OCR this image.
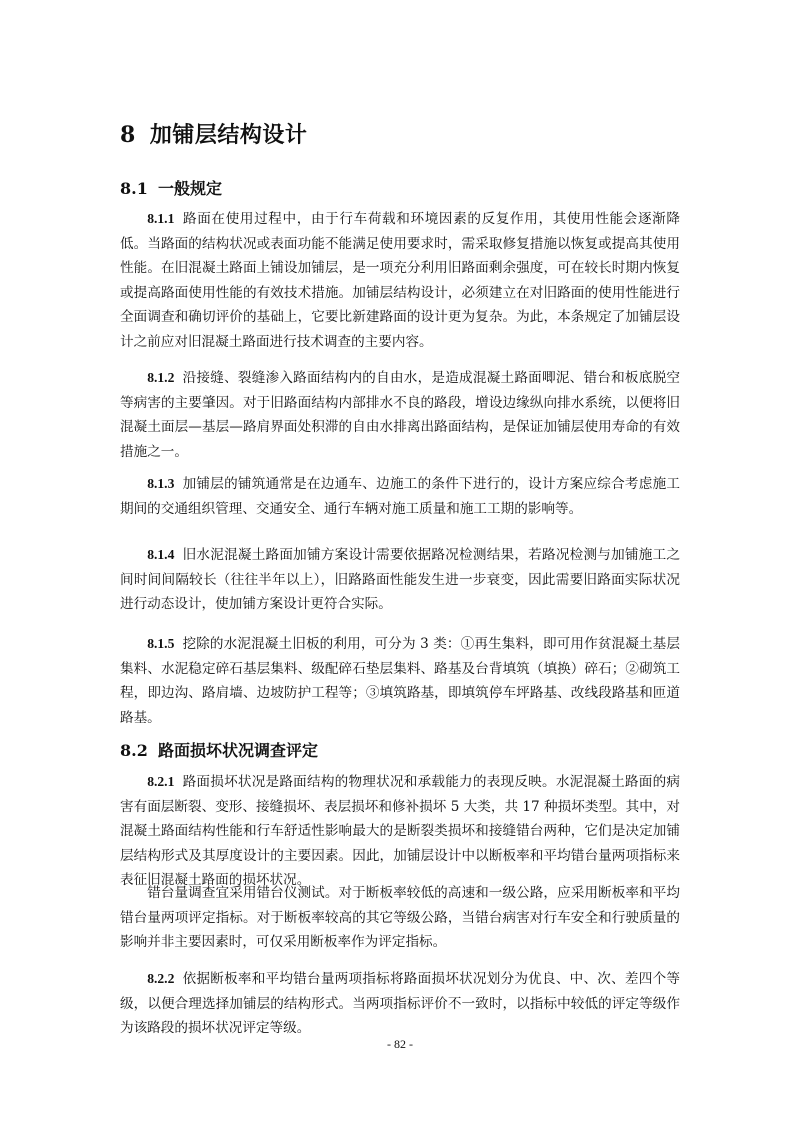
8 加铺层结构设计
8.1 一般规定

8.1.1 路面在使用过程中，由于行车荷载和环境因素的反复作用，其使用性能会逐渐降低。当路面的结构状况或表面功能不能满足使用要求时，需采取修复措施以恢复或提高其使用性能。在旧混凝土路面上铺设加铺层，是一项充分利用旧路面剩余强度，可在较长时期内恢复或提高路面使用性能的有效技术措施。加铺层结构设计，必须建立在对旧路面的使用性能进行全面调查和确切评价的基础上，它要比新建路面的设计更为复杂。为此，本条规定了加铺层设计之前应对旧混凝土路面进行技术调查的主要内容。

8.1.2 沿接缝、裂缝渗入路面结构内的自由水，是造成混凝土路面唧泥、错台和板底脱空等病害的主要肇因。对于旧路面结构内部排水不良的路段，增设边缘纵向排水系统，以便将旧混凝土面层—基层—路肩界面处积滞的自由水排离出路面结构，是保证加铺层使用寿命的有效措施之一。

8.1.3 加铺层的铺筑通常是在边通车、边施工的条件下进行的，设计方案应综合考虑施工期间的交通组织管理、交通安全、通行车辆对施工质量和施工工期的影响等。

8.1.4 旧水泥混凝土路面加铺方案设计需要依据路况检测结果，若路况检测与加铺施工之间时间间隔较长（往往半年以上），旧路路面性能发生进一步衰变，因此需要旧路面实际状况进行动态设计，使加铺方案设计更符合实际。

8.1.5 挖除的水泥混凝土旧板的利用，可分为 3 类：①再生集料，即可用作贫混凝土基层集料、水泥稳定碎石基层集料、级配碎石垫层集料、路基及台背填筑（填换）碎石；②砌筑工程，即边沟、路肩墙、边坡防护工程等；③填筑路基，即填筑停车坪路基、改线段路基和匝道路基。

8.2 路面损坏状况调查评定

8.2.1 路面损坏状况是路面结构的物理状况和承载能力的表现反映。水泥混凝土路面的病害有面层断裂、变形、接缝损坏、表层损坏和修补损坏 5 大类，共 17 种损坏类型。其中，对混凝土路面结构性能和行车舒适性影响最大的是断裂类损坏和接缝错台两种，它们是决定加铺层结构形式及其厚度设计的主要因素。因此，加铺层设计中以断板率和平均错台量两项指标来表征旧混凝土路面的损坏状况。

错台量调查宜采用错台仪测试。对于断板率较低的高速和一级公路，应采用断板率和平均错台量两项评定指标。对于断板率较高的其它等级公路，当错台病害对行车安全和行驶质量的影响并非主要因素时，可仅采用断板率作为评定指标。

8.2.2 依据断板率和平均错台量两项指标将路面损坏状况划分为优良、中、次、差四个等级，以便合理选择加铺层的结构形式。当两项指标评价不一致时，以指标中较低的评定等级作为该路段的损坏状况评定等级。

- 82 -
